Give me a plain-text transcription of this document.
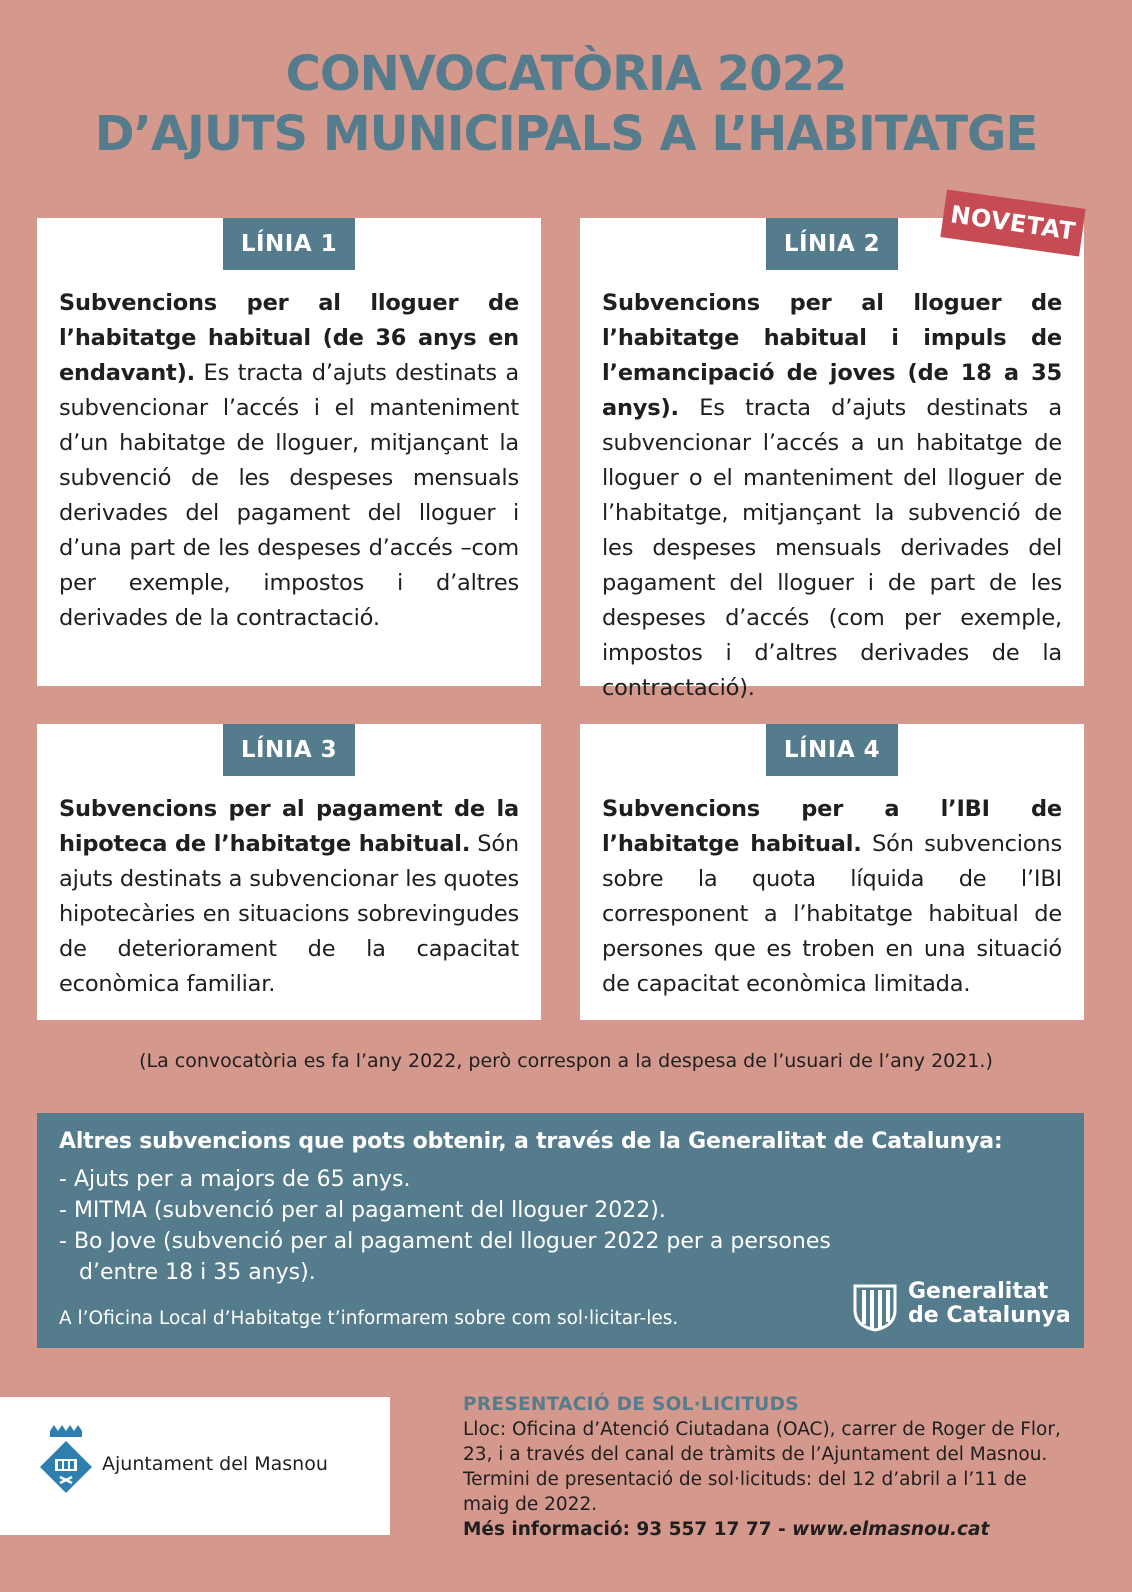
CONVOCATÒRIA 2022
D’AJUTS MUNICIPALS A L’HABITATGE
LÍNIA 1

Subvencions per al lloguer de l’habitatge habitual (de 36 anys en endavant). Es tracta d’ajuts destinats a subvencionar l’accés i el manteniment d’un habitatge de lloguer, mitjançant la subvenció de les despeses mensuals derivades del pagament del lloguer i d’una part de les despeses d’accés –com per exemple, impostos i d’altres derivades de la contractació.

LÍNIA 2

Subvencions per al lloguer de l’habitatge habitual i impuls de l’emancipació de joves (de 18 a 35 anys). Es tracta d’ajuts destinats a subvencionar l’accés a un habitatge de lloguer o el manteniment del lloguer de l’habitatge, mitjançant la subvenció de les despeses mensuals derivades del pagament del lloguer i de part de les despeses d’accés (com per exemple, impostos i d’altres derivades de la contractació).

NOVETAT
LÍNIA 3

Subvencions per al pagament de la hipoteca de l’habitatge habitual. Són ajuts destinats a subvencionar les quotes hipotecàries en situacions sobrevingudes de deteriorament de la capacitat econòmica familiar.

LÍNIA 4

Subvencions per a l’IBI de l’habitatge habitual. Són subvencions sobre la quota líquida de l’IBI corresponent a l’habitatge habitual de persones que es troben en una situació de capacitat econòmica limitada.

(La convocatòria es fa l’any 2022, però correspon a la despesa de l’usuari de l’any 2021.)
Altres subvencions que pots obtenir, a través de la Generalitat de Catalunya:
- Ajuts per a majors de 65 anys.
- MITMA (subvenció per al pagament del lloguer 2022).
- Bo Jove (subvenció per al pagament del lloguer 2022 per a persones d’entre 18 i 35 anys).
A l’Oficina Local d’Habitatge t’informarem sobre com sol·licitar-les.
Generalitat
de Catalunya
Ajuntament del Masnou
PRESENTACIÓ DE SOL·LICITUDS
Lloc: Oficina d’Atenció Ciutadana (OAC), carrer de Roger de Flor, 23, i a través del canal de tràmits de l’Ajuntament del Masnou. Termini de presentació de sol·licituds: del 12 d’abril a l’11 de maig de 2022.
Més informació: 93 557 17 77 - www.elmasnou.cat
